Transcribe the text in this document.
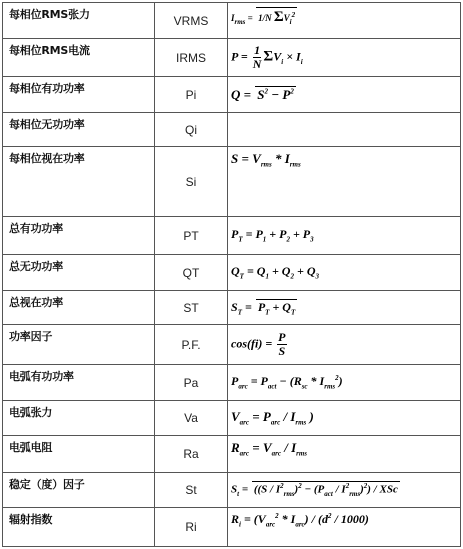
每相位RMS张力	VRMS	$I_{rms} = 1/N$ $\Sigma V_i^2$
每相位RMS电流	IRMS	$P = \frac{1}{N} \Sigma V_i \times I_i$
每相位有功功率	Pi	$Q = S^2 - P^2$
每相位无功功率	Qi	
每相位视在功率	Si	$S = V_{rms} * I_{rms}$
总有功功率	PT	$P_T = P_1 + P_2 + P_3$
总无功功率	QT	$Q_T = Q_1 + Q_2 + Q_3$
总视在功率	ST	$S_T = P_T + Q_T$
功率因子	P.F.	$\cos(fi) = \frac{P}{S}$

电弧有功功率	Pa	$P_{arc} = P_{act} - (R_{sc} * I_{rms}^2)$
电弧张力	Va	$V_{arc} = P_{arc} / I_{rms}$ )
电弧电阻	Ra	$R_{arc} = V_{arc} / I_{rms}$
稳定（度）因子	St	$S_t = ((S / I^2_{rms})^2 - (P_{act} / I^2_{rms})^2)$ / XSc
辐射指数	Ri	$R_i = (V_{arc}^2 * I_{arc}) / (d^2 / 1000)$
